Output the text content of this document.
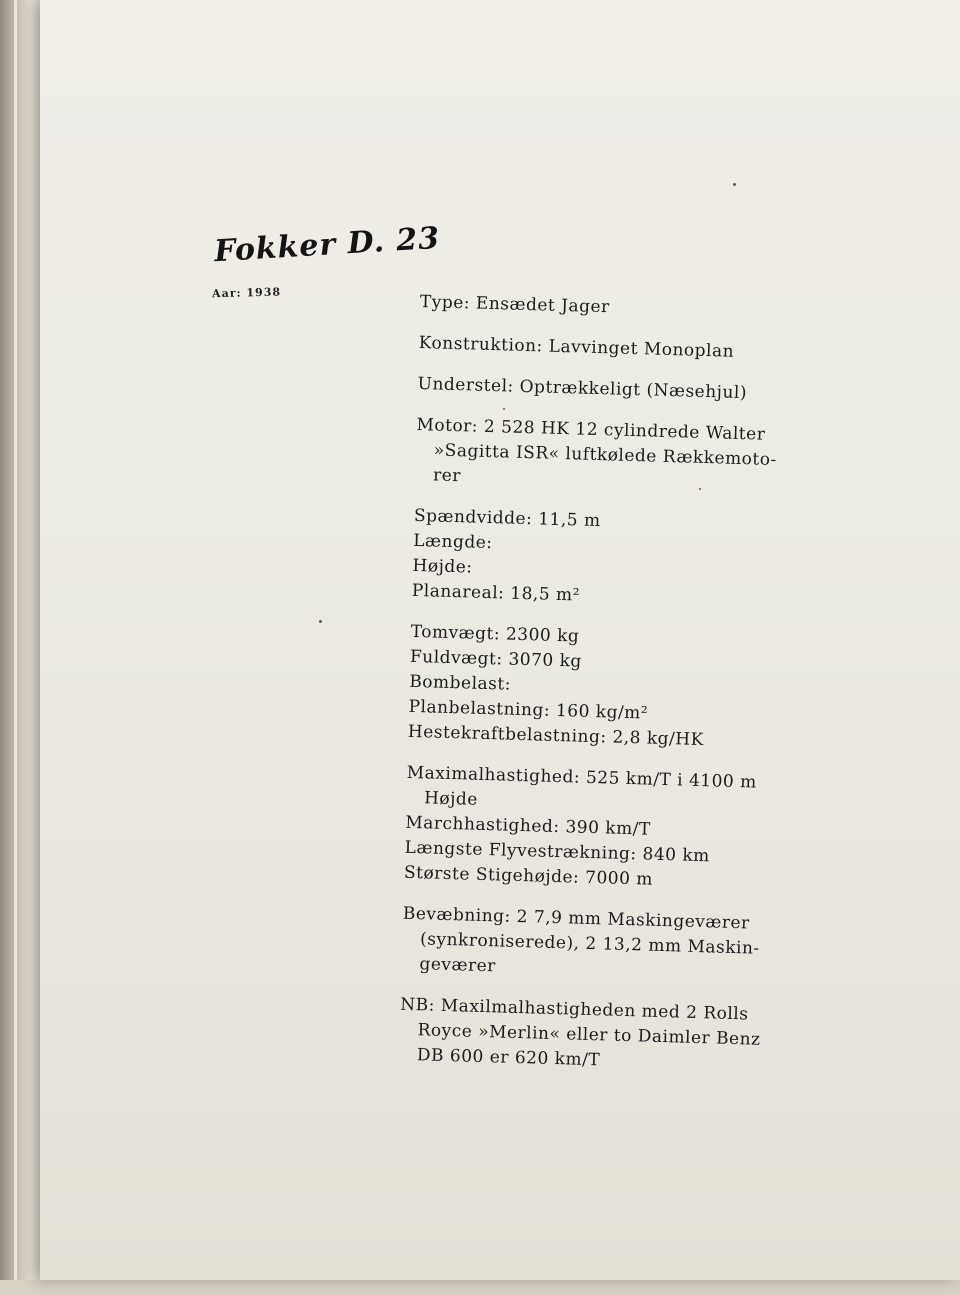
Fokker D. 23
Aar: 1938	Type: Ensædet Jager
Konstruktion: Lavvinget Monoplan
Understel: Optrækkeligt (Næsehjul)
Motor: 2 528 HK 12 cylindrede Walter
»Sagitta ISR« luftkølede Rækkemoto-
rer
Spændvidde: 11,5 m
Længde:
Højde:
Planareal: 18,5 m²
Tomvægt: 2300 kg
Fuldvægt: 3070 kg
Bombelast:
Planbelastning: 160 kg/m²
Hestekraftbelastning: 2,8 kg/HK
Maximalhastighed: 525 km/T i 4100 m
Højde
Marchhastighed: 390 km/T
Længste Flyvestrækning: 840 km
Største Stigehøjde: 7000 m
Bevæbning: 2 7,9 mm Maskingeværer
(synkroniserede), 2 13,2 mm Maskin-
geværer
NB: Maxilmalhastigheden med 2 Rolls
Royce »Merlin« eller to Daimler Benz
DB 600 er 620 km/T
